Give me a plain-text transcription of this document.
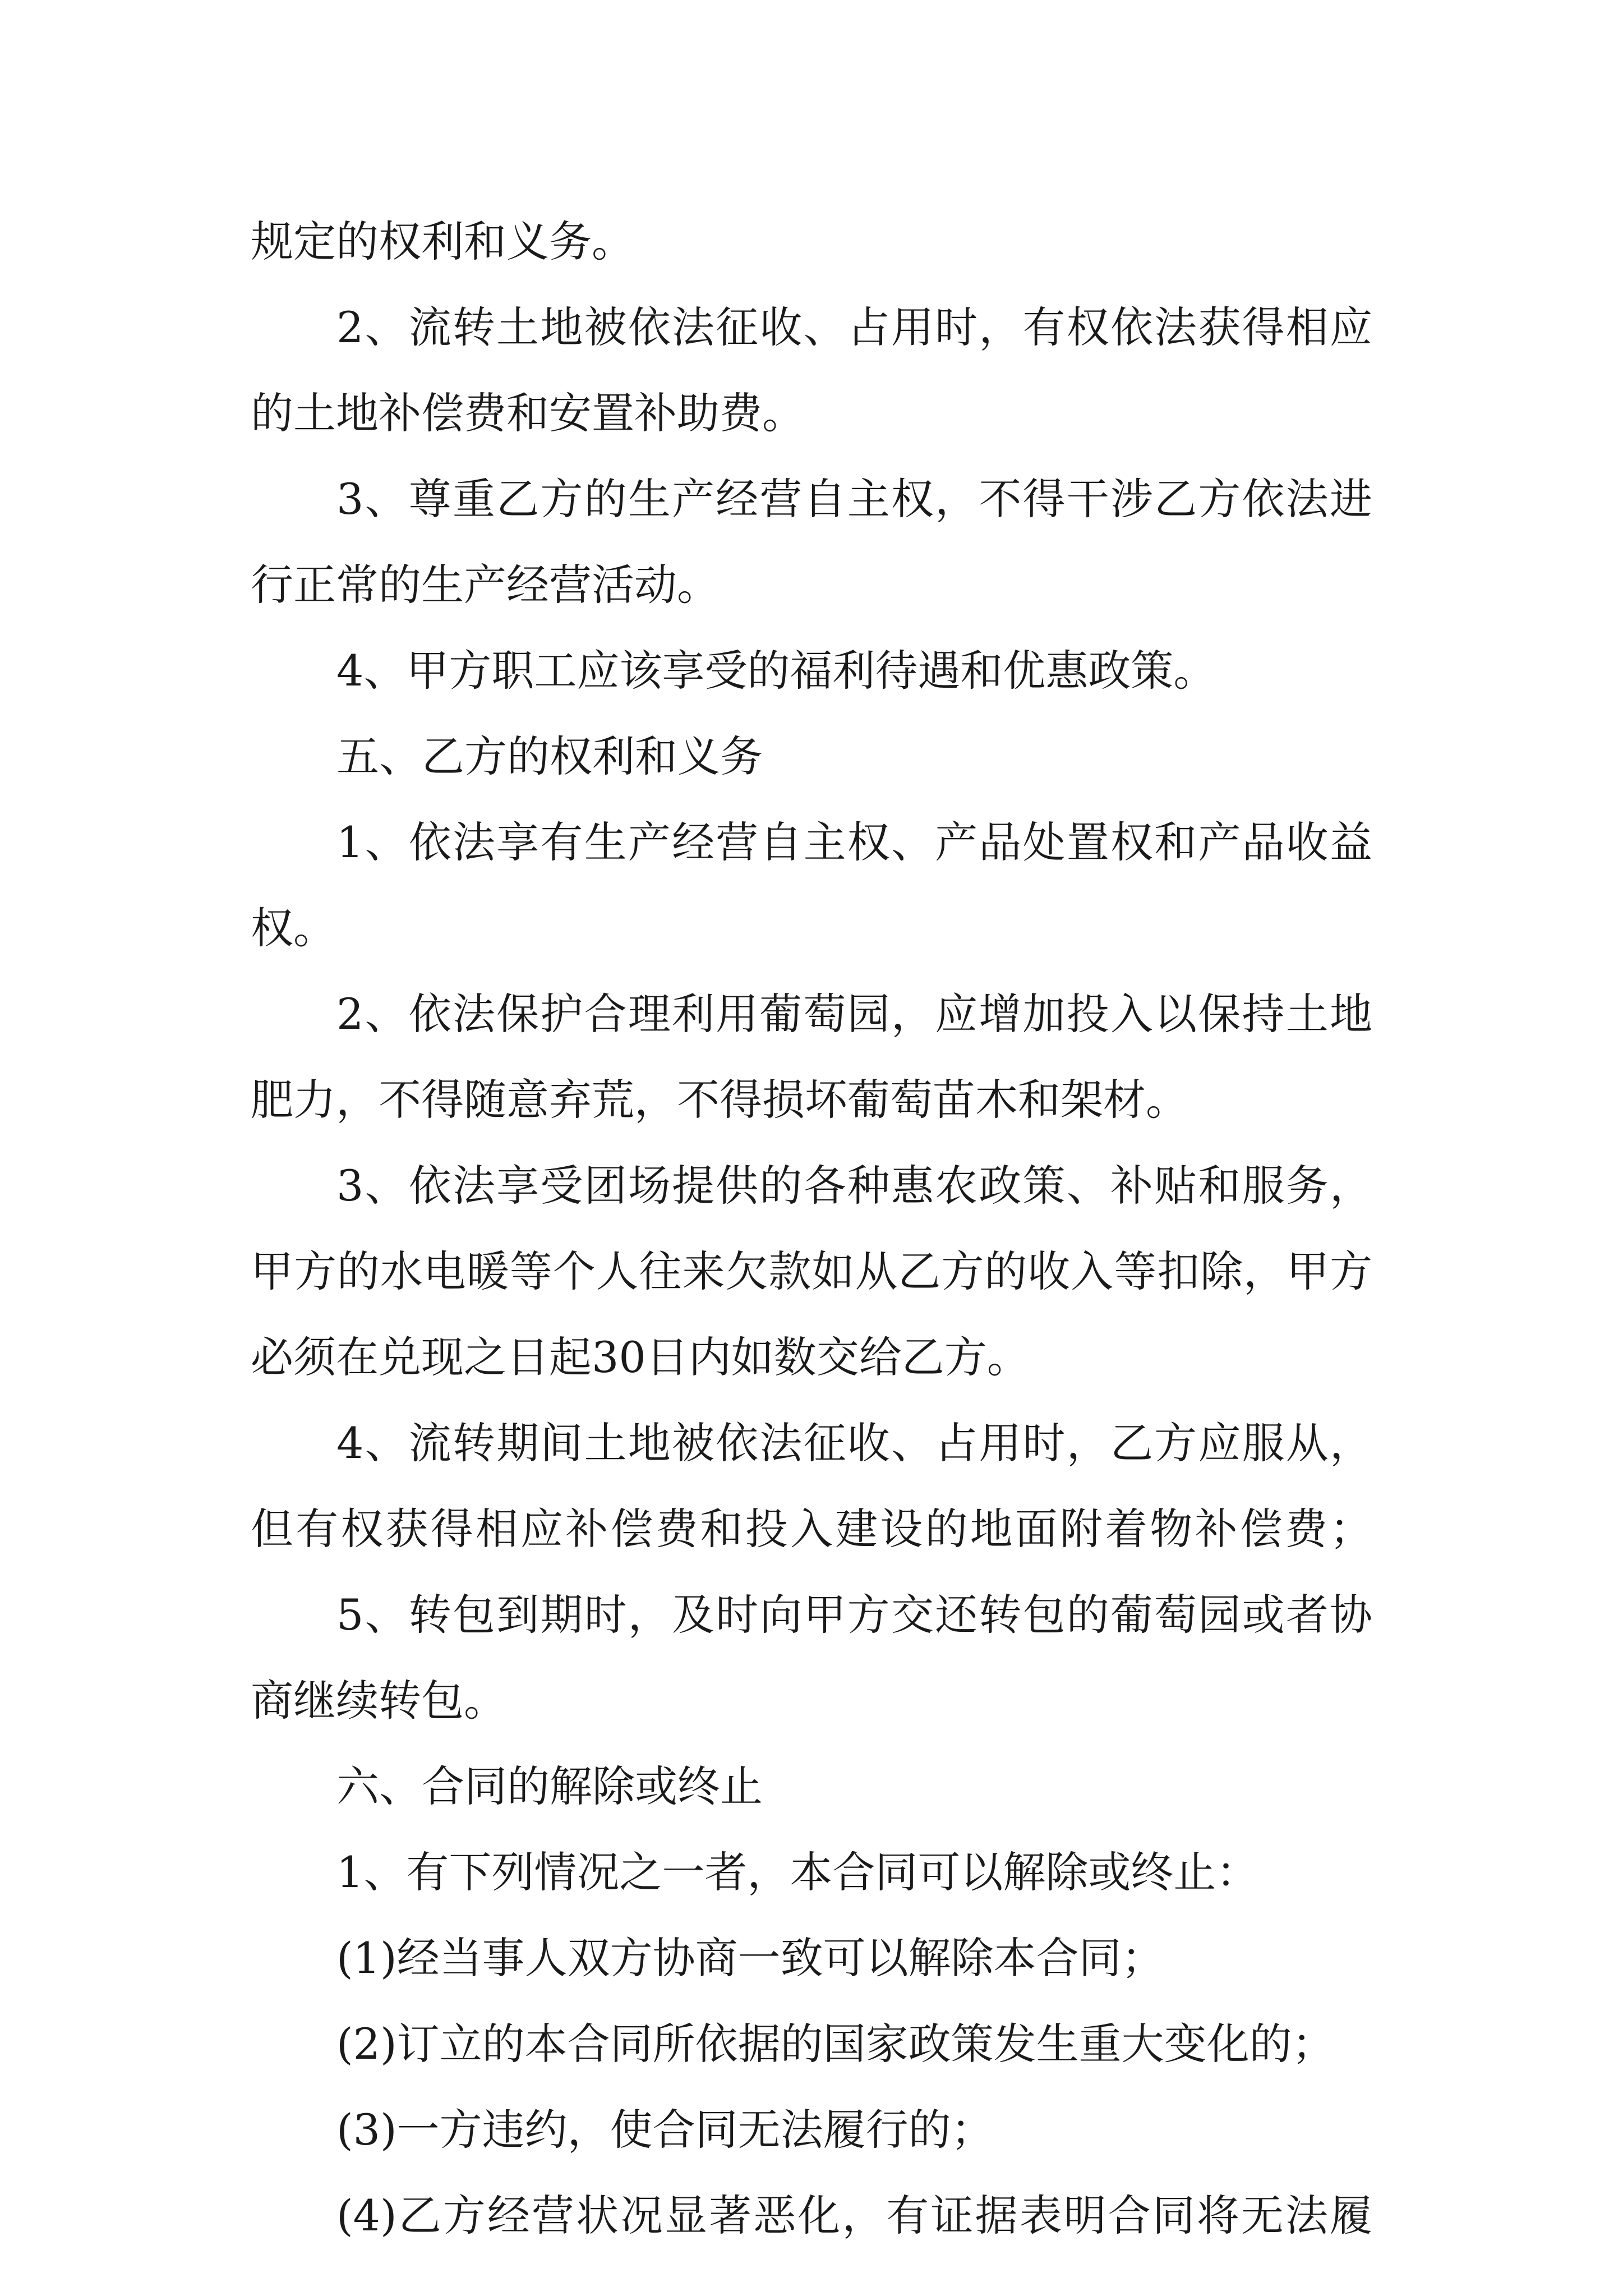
规定的权利和义务。
2、流转土地被依法征收、占用时，有权依法获得相应
的土地补偿费和安置补助费。
3、尊重乙方的生产经营自主权，不得干涉乙方依法进
行正常的生产经营活动。
4、甲方职工应该享受的福利待遇和优惠政策。
五、乙方的权利和义务
1、依法享有生产经营自主权、产品处置权和产品收益
权。
2、依法保护合理利用葡萄园，应增加投入以保持土地
肥力，不得随意弃荒，不得损坏葡萄苗木和架材。
3、依法享受团场提供的各种惠农政策、补贴和服务，
甲方的水电暖等个人往来欠款如从乙方的收入等扣除，甲方
必须在兑现之日起30日内如数交给乙方。
4、流转期间土地被依法征收、占用时，乙方应服从，
但有权获得相应补偿费和投入建设的地面附着物补偿费；
5、转包到期时，及时向甲方交还转包的葡萄园或者协
商继续转包。
六、合同的解除或终止
1、有下列情况之一者，本合同可以解除或终止：
(1)经当事人双方协商一致可以解除本合同；
(2)订立的本合同所依据的国家政策发生重大变化的；
(3)一方违约，使合同无法履行的；
(4)乙方经营状况显著恶化，有证据表明合同将无法履
